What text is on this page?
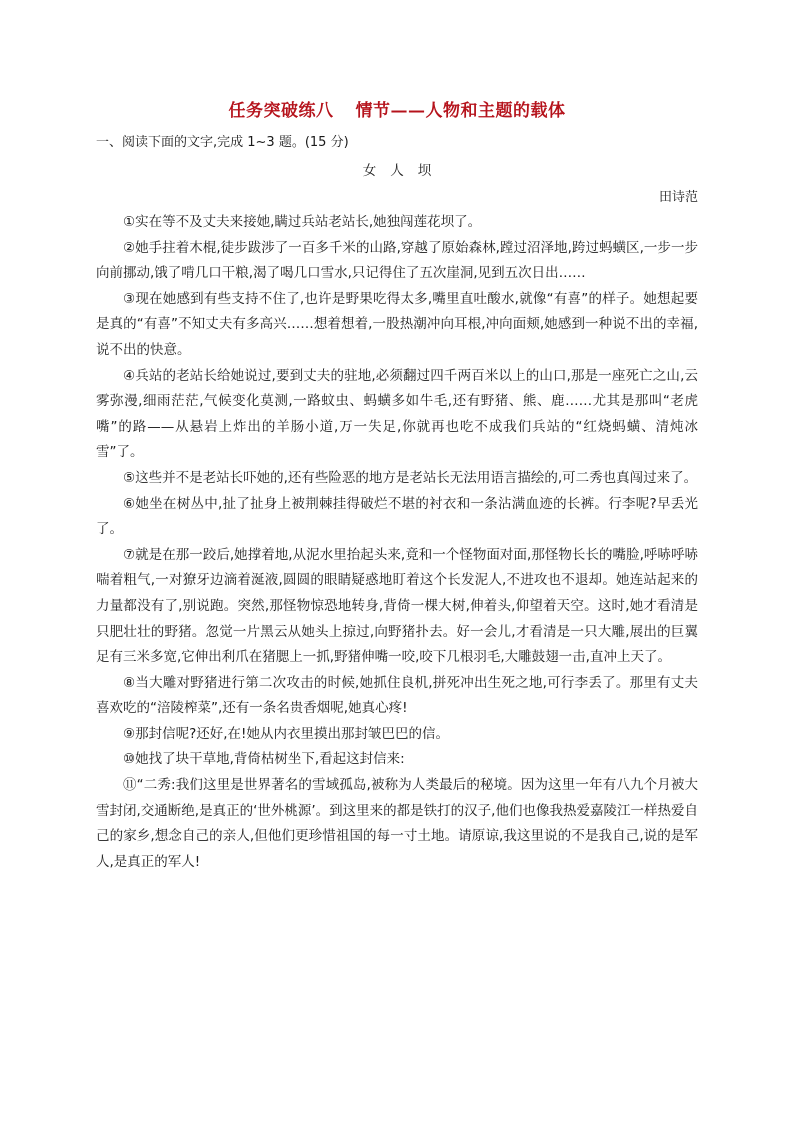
任务突破练八 情节——人物和主题的载体
一、阅读下面的文字,完成 1~3 题。(15 分)
女人坝
田诗范

①实在等不及丈夫来接她,瞒过兵站老站长,她独闯莲花坝了。

②她手拄着木棍,徒步跋涉了一百多千米的山路,穿越了原始森林,蹚过沼泽地,跨过蚂蟥区,一步一步向前挪动,饿了啃几口干粮,渴了喝几口雪水,只记得住了五次崖洞,见到五次日出……

③现在她感到有些支持不住了,也许是野果吃得太多,嘴里直吐酸水,就像“有喜”的样子。她想起要是真的“有喜”不知丈夫有多高兴……想着想着,一股热潮冲向耳根,冲向面颊,她感到一种说不出的幸福,说不出的快意。

④兵站的老站长给她说过,要到丈夫的驻地,必须翻过四千两百米以上的山口,那是一座死亡之山,云雾弥漫,细雨茫茫,气候变化莫测,一路蚊虫、蚂蟥多如牛毛,还有野猪、熊、鹿……尤其是那叫“老虎嘴”的路——从悬岩上炸出的羊肠小道,万一失足,你就再也吃不成我们兵站的“红烧蚂蟥、清炖冰雪”了。

⑤这些并不是老站长吓她的,还有些险恶的地方是老站长无法用语言描绘的,可二秀也真闯过来了。

⑥她坐在树丛中,扯了扯身上被荆棘挂得破烂不堪的衬衣和一条沾满血迹的长裤。行李呢?早丢光了。

⑦就是在那一跤后,她撑着地,从泥水里抬起头来,竟和一个怪物面对面,那怪物长长的嘴脸,呼哧呼哧喘着粗气,一对獠牙边滴着涎液,圆圆的眼睛疑惑地盯着这个长发泥人,不进攻也不退却。她连站起来的力量都没有了,别说跑。突然,那怪物惊恐地转身,背倚一棵大树,伸着头,仰望着天空。这时,她才看清是只肥壮壮的野猪。忽觉一片黑云从她头上掠过,向野猪扑去。好一会儿,才看清是一只大雕,展出的巨翼足有三米多宽,它伸出利爪在猪腮上一抓,野猪伸嘴一咬,咬下几根羽毛,大雕鼓翅一击,直冲上天了。

⑧当大雕对野猪进行第二次攻击的时候,她抓住良机,拼死冲出生死之地,可行李丢了。那里有丈夫喜欢吃的“涪陵榨菜”,还有一条名贵香烟呢,她真心疼!

⑨那封信呢?还好,在!她从内衣里摸出那封皱巴巴的信。

⑩她找了块干草地,背倚枯树坐下,看起这封信来:

⑪“二秀:我们这里是世界著名的雪域孤岛,被称为人类最后的秘境。因为这里一年有八九个月被大雪封闭,交通断绝,是真正的‘世外桃源’。到这里来的都是铁打的汉子,他们也像我热爱嘉陵江一样热爱自己的家乡,想念自己的亲人,但他们更珍惜祖国的每一寸土地。请原谅,我这里说的不是我自己,说的是军人,是真正的军人!
